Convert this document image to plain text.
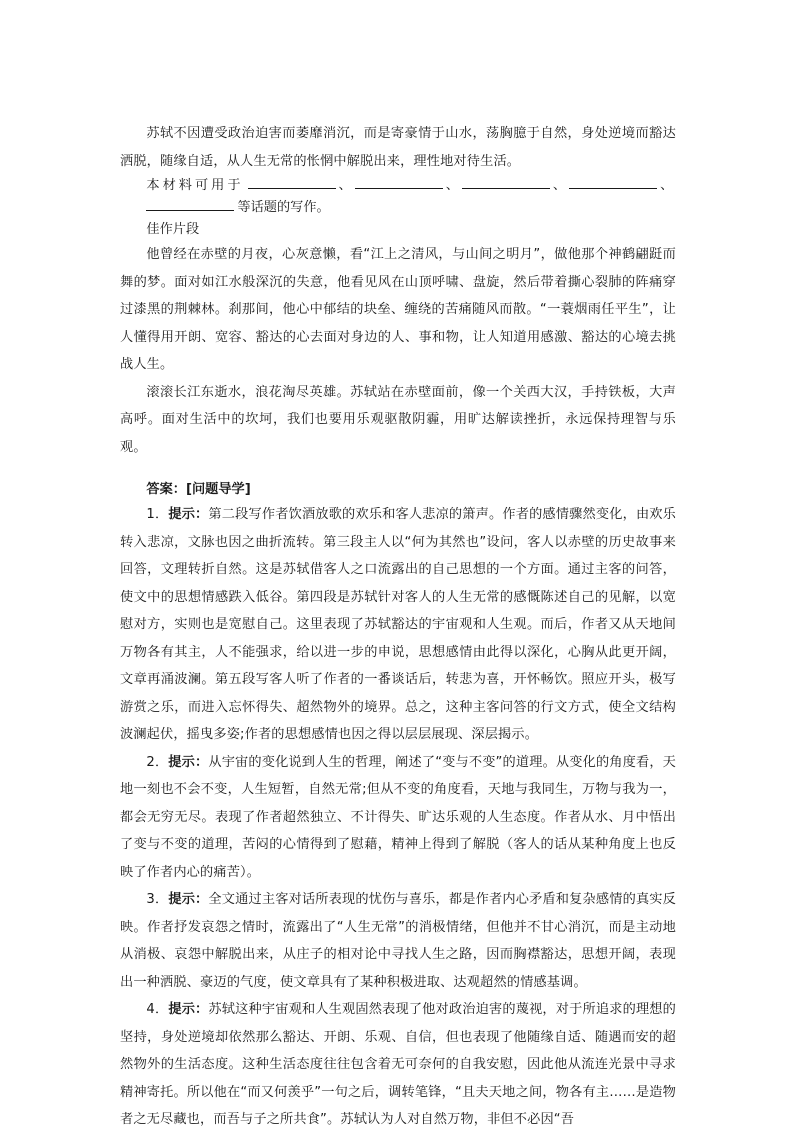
苏轼不因遭受政治迫害而萎靡消沉，而是寄豪情于山水，荡胸臆于自然，身处逆境而豁达洒脱，随缘自适，从人生无常的怅惘中解脱出来，理性地对待生活。

本材料可用于	、	、	、	、

等话题的写作。

佳作片段

他曾经在赤壁的月夜，心灰意懒，看“江上之清风，与山间之明月”，做他那个神鹤翩跹而舞的梦。面对如江水般深沉的失意，他看见风在山顶呼啸、盘旋，然后带着撕心裂肺的阵痛穿过漆黑的荆棘林。刹那间，他心中郁结的块垒、缠绕的苦痛随风而散。“一蓑烟雨任平生”，让人懂得用开朗、宽容、豁达的心去面对身边的人、事和物，让人知道用感激、豁达的心境去挑战人生。

滚滚长江东逝水，浪花淘尽英雄。苏轼站在赤壁面前，像一个关西大汉，手持铁板，大声高呼。面对生活中的坎坷，我们也要用乐观驱散阴霾，用旷达解读挫折，永远保持理智与乐观。

答案：[问题导学]

1．提示：第二段写作者饮酒放歌的欢乐和客人悲凉的箫声。作者的感情骤然变化，由欢乐转入悲凉，文脉也因之曲折流转。第三段主人以“何为其然也”设问，客人以赤壁的历史故事来回答，文理转折自然。这是苏轼借客人之口流露出的自己思想的一个方面。通过主客的问答，使文中的思想情感跌入低谷。第四段是苏轼针对客人的人生无常的感慨陈述自己的见解，以宽慰对方，实则也是宽慰自己。这里表现了苏轼豁达的宇宙观和人生观。而后，作者又从天地间万物各有其主，人不能强求，给以进一步的申说，思想感情由此得以深化，心胸从此更开阔，文章再涌波澜。第五段写客人听了作者的一番谈话后，转悲为喜，开怀畅饮。照应开头，极写游赏之乐，而进入忘怀得失、超然物外的境界。总之，这种主客问答的行文方式，使全文结构波澜起伏，摇曳多姿;作者的思想感情也因之得以层层展现、深层揭示。

2．提示：从宇宙的变化说到人生的哲理，阐述了“变与不变”的道理。从变化的角度看，天地一刻也不会不变，人生短暂，自然无常;但从不变的角度看，天地与我同生，万物与我为一，都会无穷无尽。表现了作者超然独立、不计得失、旷达乐观的人生态度。作者从水、月中悟出了变与不变的道理，苦闷的心情得到了慰藉，精神上得到了解脱（客人的话从某种角度上也反映了作者内心的痛苦）。

3．提示：全文通过主客对话所表现的忧伤与喜乐，都是作者内心矛盾和复杂感情的真实反映。作者抒发哀怨之情时，流露出了“人生无常”的消极情绪，但他并不甘心消沉，而是主动地从消极、哀怨中解脱出来，从庄子的相对论中寻找人生之路，因而胸襟豁达，思想开阔，表现出一种洒脱、豪迈的气度，使文章具有了某种积极进取、达观超然的情感基调。

4．提示：苏轼这种宇宙观和人生观固然表现了他对政治迫害的蔑视，对于所追求的理想的坚持，身处逆境却依然那么豁达、开朗、乐观、自信，但也表现了他随缘自适、随遇而安的超然物外的生活态度。这种生活态度往往包含着无可奈何的自我安慰，因此他从流连光景中寻求精神寄托。所以他在“而又何羡乎”一句之后，调转笔锋，“且夫天地之间，物各有主……是造物者之无尽藏也，而吾与子之所共食”。苏轼认为人对自然万物，非但不必因“吾
